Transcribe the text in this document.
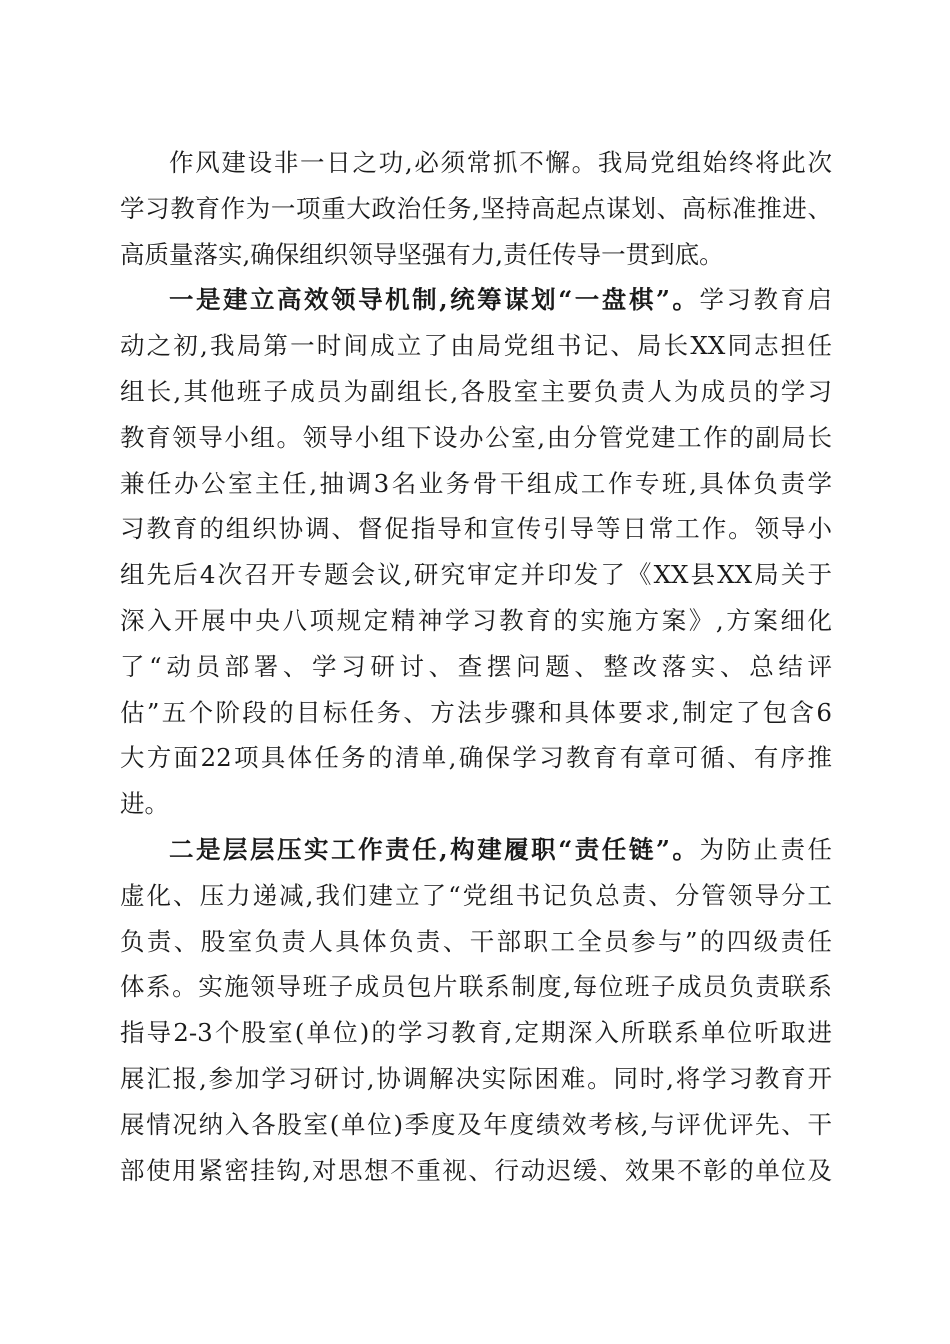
作风建设非一日之功,必须常抓不懈。我局党组始终将此次
学习教育作为一项重大政治任务,坚持高起点谋划、高标准推进、
高质量落实,确保组织领导坚强有力,责任传导一贯到底。
一是建立高效领导机制,统筹谋划“一盘棋”。学习教育启
动之初,我局第一时间成立了由局党组书记、局长XX同志担任
组长,其他班子成员为副组长,各股室主要负责人为成员的学习
教育领导小组。领导小组下设办公室,由分管党建工作的副局长
兼任办公室主任,抽调3名业务骨干组成工作专班,具体负责学
习教育的组织协调、督促指导和宣传引导等日常工作。领导小
组先后4次召开专题会议,研究审定并印发了《XX县XX局关于
深入开展中央八项规定精神学习教育的实施方案》,方案细化
了“动员部署、学习研讨、查摆问题、整改落实、总结评
估”五个阶段的目标任务、方法步骤和具体要求,制定了包含6
大方面22项具体任务的清单,确保学习教育有章可循、有序推
进。
二是层层压实工作责任,构建履职“责任链”。为防止责任
虚化、压力递减,我们建立了“党组书记负总责、分管领导分工
负责、股室负责人具体负责、干部职工全员参与”的四级责任
体系。实施领导班子成员包片联系制度,每位班子成员负责联系
指导2-3个股室(单位)的学习教育,定期深入所联系单位听取进
展汇报,参加学习研讨,协调解决实际困难。同时,将学习教育开
展情况纳入各股室(单位)季度及年度绩效考核,与评优评先、干
部使用紧密挂钩,对思想不重视、行动迟缓、效果不彰的单位及
